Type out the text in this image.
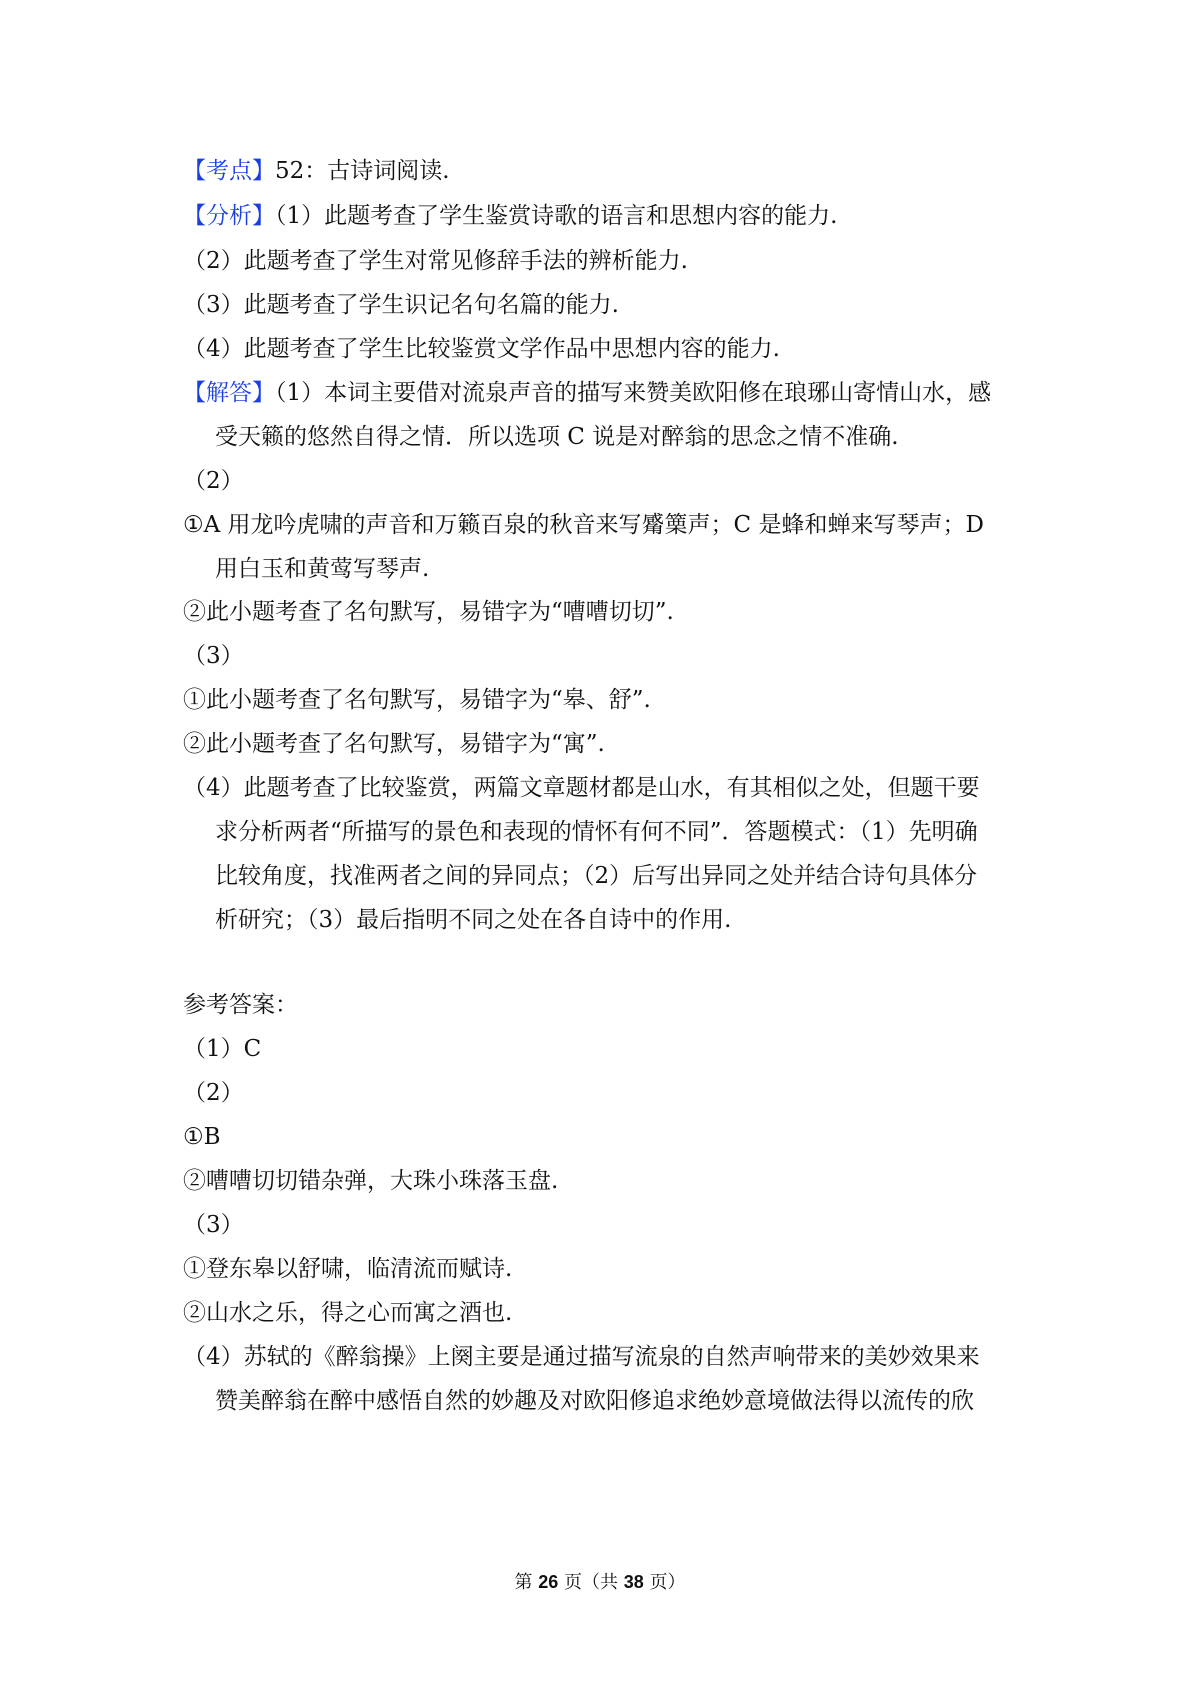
【考点】52：古诗词阅读.
【分析】（1）此题考查了学生鉴赏诗歌的语言和思想内容的能力.
（2）此题考查了学生对常见修辞手法的辨析能力.
（3）此题考查了学生识记名句名篇的能力.
（4）此题考查了学生比较鉴赏文学作品中思想内容的能力.
【解答】（1）本词主要借对流泉声音的描写来赞美欧阳修在琅琊山寄情山水，感
受天籁的悠然自得之情．所以选项 C 说是对醉翁的思念之情不准确.
（2）
①A 用龙吟虎啸的声音和万籁百泉的秋音来写觱篥声；C 是蜂和蝉来写琴声；D
用白玉和黄莺写琴声.
②此小题考查了名句默写，易错字为“嘈嘈切切”.
（3）
①此小题考查了名句默写，易错字为“皋、舒”.
②此小题考查了名句默写，易错字为“寓”.
（4）此题考查了比较鉴赏，两篇文章题材都是山水，有其相似之处，但题干要
求分析两者“所描写的景色和表现的情怀有何不同”．答题模式：（1）先明确
比较角度，找准两者之间的异同点；（2）后写出异同之处并结合诗句具体分
析研究；（3）最后指明不同之处在各自诗中的作用.
参考答案：
（1）C
（2）
①B
②嘈嘈切切错杂弹，大珠小珠落玉盘.
（3）
①登东皋以舒啸，临清流而赋诗.
②山水之乐，得之心而寓之酒也.
（4）苏轼的《醉翁操》上阕主要是通过描写流泉的自然声响带来的美妙效果来
赞美醉翁在醉中感悟自然的妙趣及对欧阳修追求绝妙意境做法得以流传的欣
第 26 页（共 38 页）
